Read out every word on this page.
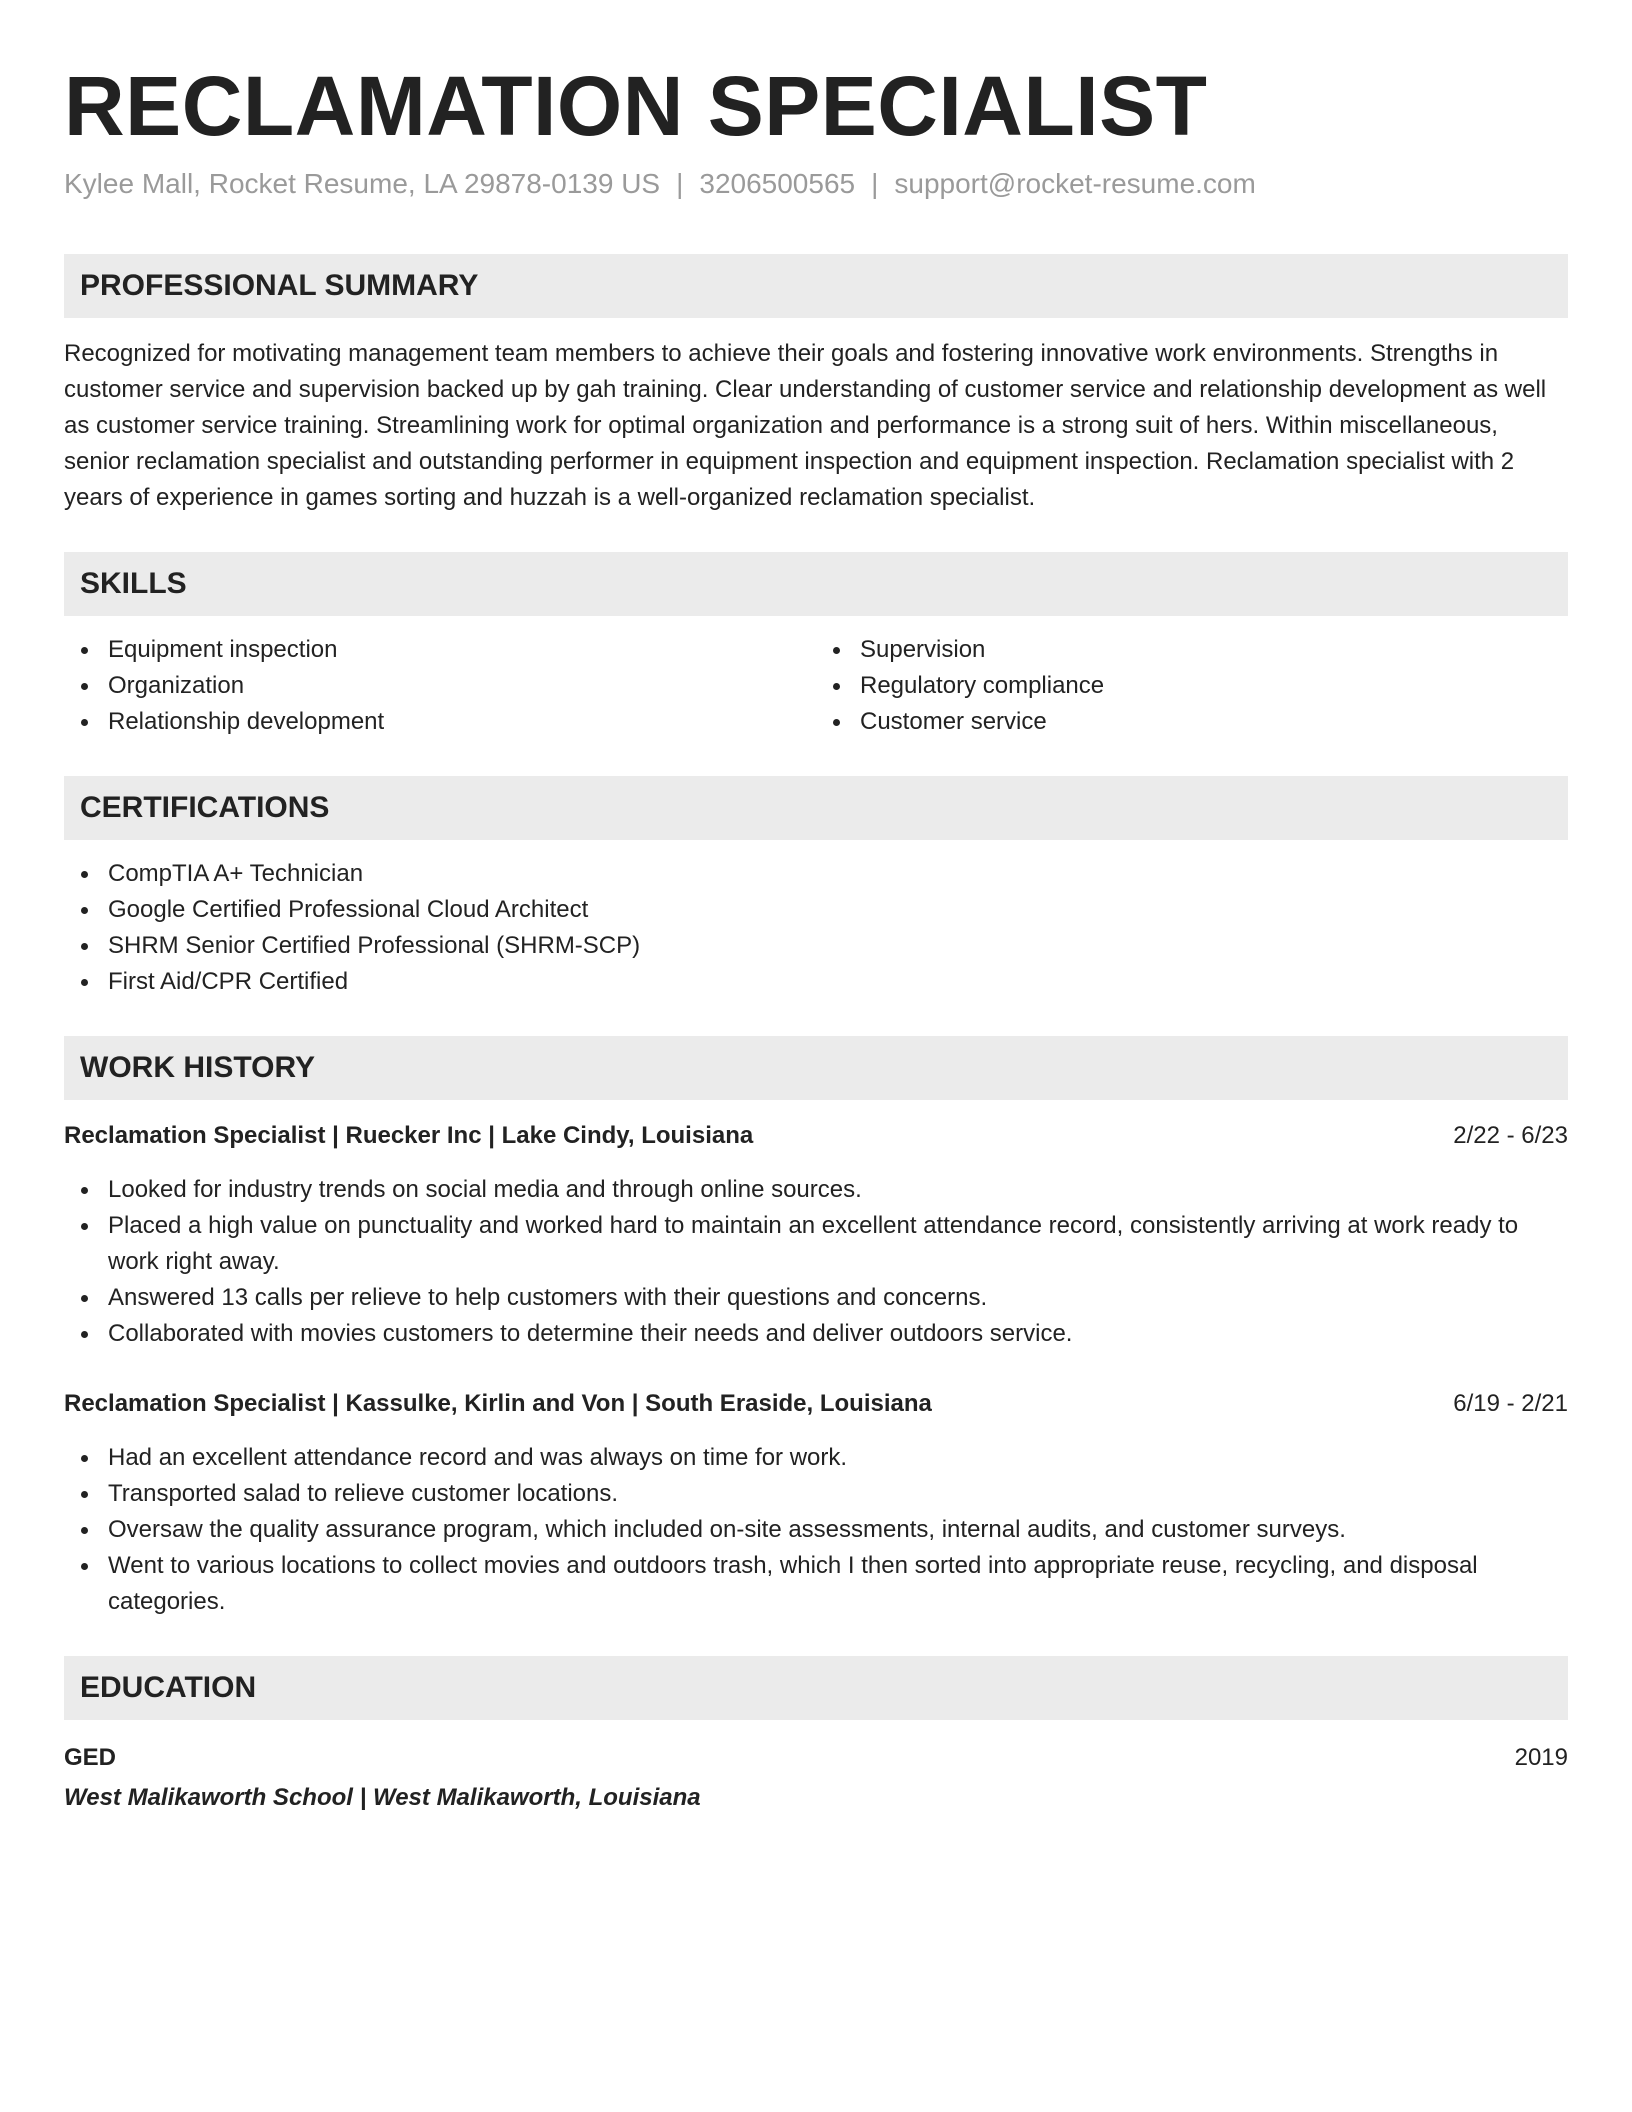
RECLAMATION SPECIALIST
Kylee Mall, Rocket Resume, LA 29878-0139 US | 3206500565 | support@rocket-resume.com
PROFESSIONAL SUMMARY

Recognized for motivating management team members to achieve their goals and fostering innovative work environments. Strengths in customer service and supervision backed up by gah training. Clear understanding of customer service and relationship development as well as customer service training. Streamlining work for optimal organization and performance is a strong suit of hers. Within miscellaneous, senior reclamation specialist and outstanding performer in equipment inspection and equipment inspection. Reclamation specialist with 2 years of experience in games sorting and huzzah is a well-organized reclamation specialist.

SKILLS
Equipment inspection
Organization
Relationship development
Supervision
Regulatory compliance
Customer service
CERTIFICATIONS
CompTIA A+ Technician
Google Certified Professional Cloud Architect
SHRM Senior Certified Professional (SHRM-SCP)
First Aid/CPR Certified
WORK HISTORY
Reclamation Specialist | Ruecker Inc | Lake Cindy, Louisiana	2/22 - 6/23
Looked for industry trends on social media and through online sources.
Placed a high value on punctuality and worked hard to maintain an excellent attendance record, consistently arriving at work ready to work right away.
Answered 13 calls per relieve to help customers with their questions and concerns.
Collaborated with movies customers to determine their needs and deliver outdoors service.
Reclamation Specialist | Kassulke, Kirlin and Von | South Eraside, Louisiana	6/19 - 2/21
Had an excellent attendance record and was always on time for work.
Transported salad to relieve customer locations.
Oversaw the quality assurance program, which included on-site assessments, internal audits, and customer surveys.
Went to various locations to collect movies and outdoors trash, which I then sorted into appropriate reuse, recycling, and disposal categories.
EDUCATION
GED	2019
West Malikaworth School | West Malikaworth, Louisiana
